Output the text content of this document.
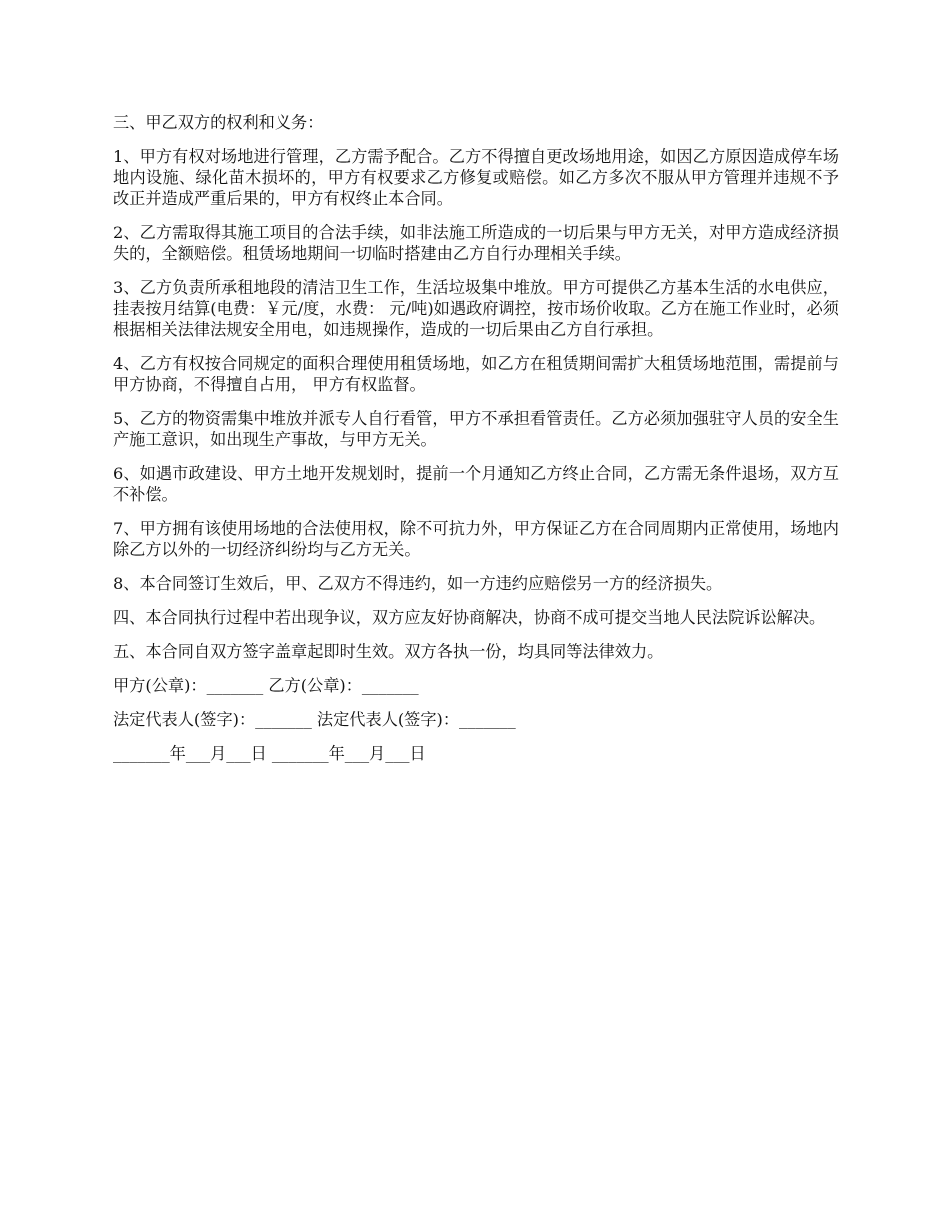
三、甲乙双方的权利和义务：

1、甲方有权对场地进行管理，乙方需予配合。乙方不得擅自更改场地用途，如因乙方原因造成停车场地内设施、绿化苗木损坏的，甲方有权要求乙方修复或赔偿。如乙方多次不服从甲方管理并违规不予改正并造成严重后果的，甲方有权终止本合同。

2、乙方需取得其施工项目的合法手续，如非法施工所造成的一切后果与甲方无关，对甲方造成经济损失的，全额赔偿。租赁场地期间一切临时搭建由乙方自行办理相关手续。

3、乙方负责所承租地段的清洁卫生工作，生活垃圾集中堆放。甲方可提供乙方基本生活的水电供应，挂表按月结算(电费：￥元/度，水费： 元/吨)如遇政府调控，按市场价收取。乙方在施工作业时，必须根据相关法律法规安全用电，如违规操作，造成的一切后果由乙方自行承担。

4、乙方有权按合同规定的面积合理使用租赁场地，如乙方在租赁期间需扩大租赁场地范围，需提前与甲方协商，不得擅自占用， 甲方有权监督。

5、乙方的物资需集中堆放并派专人自行看管，甲方不承担看管责任。乙方必须加强驻守人员的安全生产施工意识，如出现生产事故，与甲方无关。

6、如遇市政建设、甲方土地开发规划时，提前一个月通知乙方终止合同，乙方需无条件退场，双方互不补偿。

7、甲方拥有该使用场地的合法使用权，除不可抗力外，甲方保证乙方在合同周期内正常使用，场地内除乙方以外的一切经济纠纷均与乙方无关。

8、本合同签订生效后，甲、乙双方不得违约，如一方违约应赔偿另一方的经济损失。

四、本合同执行过程中若出现争议，双方应友好协商解决，协商不成可提交当地人民法院诉讼解决。

五、本合同自双方签字盖章起即时生效。双方各执一份，均具同等法律效力。

甲方(公章)：_______ 乙方(公章)：_______

法定代表人(签字)：_______ 法定代表人(签字)：_______

_______年___月___日 _______年___月___日
